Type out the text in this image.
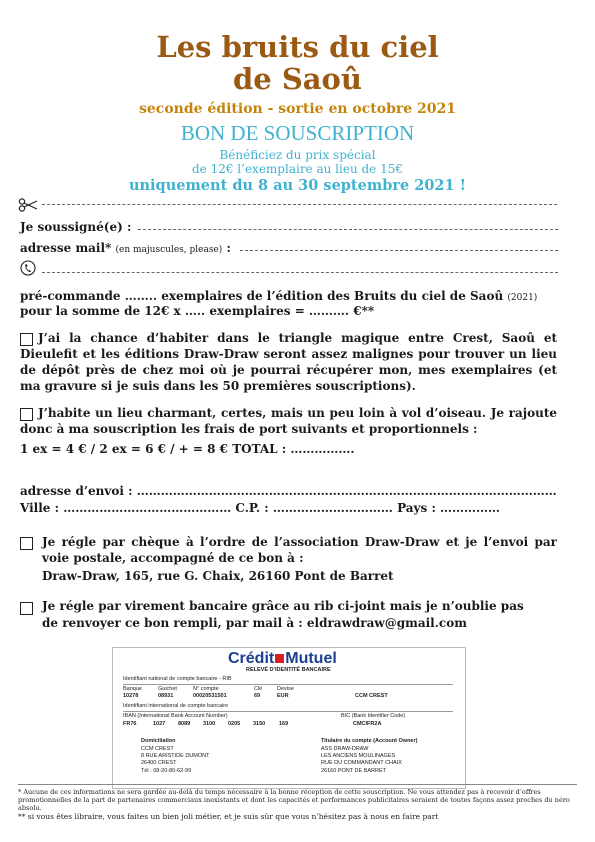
Les bruits du ciel
de Saoû
seconde édition - sortie en octobre 2021
BON DE SOUSCRIPTION
Bénéficiez du prix spécial
de 12€ l’exemplaire au lieu de 15€
uniquement du 8 au 30 septembre 2021 !
Je soussigné(e) :
adresse mail* (en majuscules, please) :
pré-commande …….. exemplaires de l’édition des Bruits du ciel de Saoû (2021)
pour la somme de 12€ x ….. exemplaires = ………. €**
J’ai la chance d’habiter dans le triangle magique entre Crest, Saoû et Dieulefit et les éditions Draw-Draw seront assez malignes pour trouver un lieu de dépôt près de chez moi où je pourrai récupérer mon, mes exemplaires (et ma gravure si je suis dans les 50 premières souscriptions).
J’habite un lieu charmant, certes, mais un peu loin à vol d’oiseau. Je rajoute donc à ma souscription les frais de port suivants et proportionnels :
1 ex = 4 € / 2 ex = 6 € / + = 8 € TOTAL : …………….
adresse d’envoi : ……………………………………………………………………………………………
Ville : …………………………………… C.P. : ………………………… Pays : ……………
Je régle par chèque à l’ordre de l’association Draw-Draw et je l’envoi par voie postale, accompagné de ce bon à :
Draw-Draw, 165, rue G. Chaix, 26160 Pont de Barret
Je régle par virement bancaire grâce au rib ci-joint mais je n’oublie pas
de renvoyer ce bon rempli, par mail à : eldrawdraw@gmail.com
Crédit Mutuel
RELEVÉ D’IDENTITÉ BANCAIRE
Identifiant national de compte bancaire - RIB
Banque	Guichet	N° compte	Clé	Devise
10278	08931	00020531501	69	EUR	CCM CREST
Identifiant international de compte bancaire
IBAN (International Bank Account Number)	BIC (Bank Identifier Code)
FR76	1027 8089 3100 0205 3150	169	CMCIFR2A
Domiciliation
CCM CREST
8 RUE ARISTIDE DUMONT
26400 CREST
Tél : 08-20-80-62-99
Titulaire du compte (Account Owner)
ASS DRAW-DRAW
LES ANCIENS MOULINAGES
RUE DU COMMANDANT CHAIX
26160 PONT DE BARRET
* Aucune de ces informations ne sera gardée au-delà du temps nécessaire à la bonne réception de cette souscription. Ne vous attendez pas à recevoir d’offres promotionnelles de la part de partenaires commerciaux inexistants et dont les capacités et performances publicitaires seraient de toutes façons assez proches du néro absolu.
** si vous êtes libraire, vous faites un bien joli métier, et je suis sûr que vous n’hésitez pas à nous en faire part
